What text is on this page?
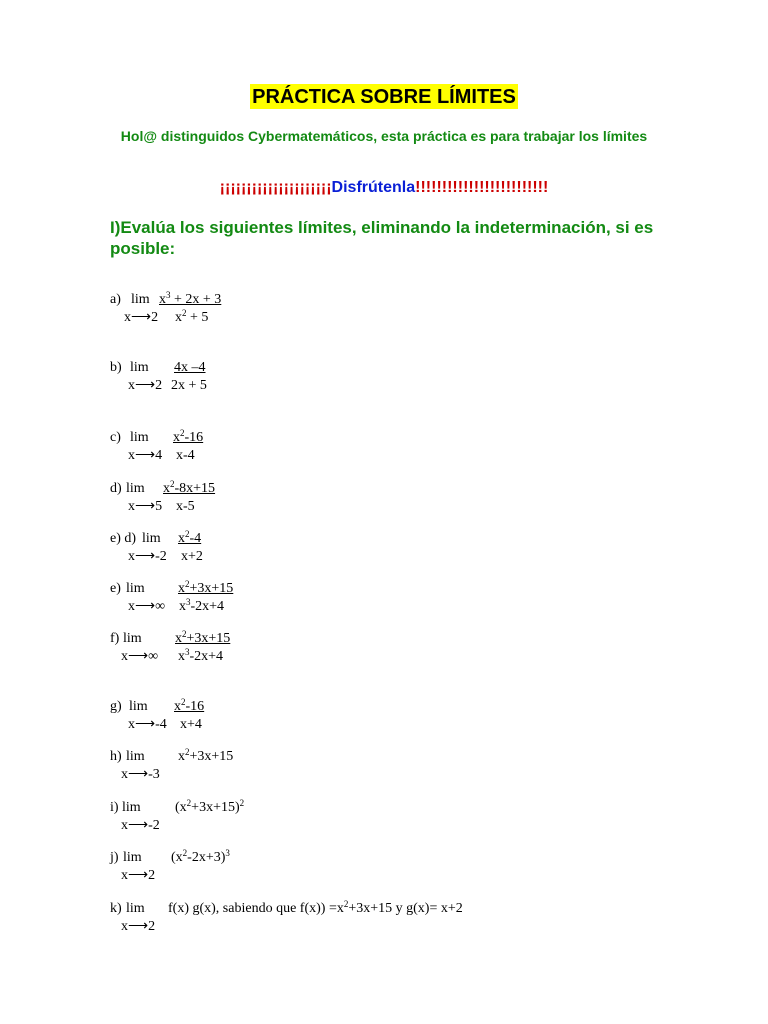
PRÁCTICA SOBRE LÍMITES
Hol@ distinguidos Cybermatemáticos, esta práctica es para trabajar los límites
¡¡¡¡¡¡¡¡¡¡¡¡¡¡¡¡¡¡¡¡¡Disfrútenla!!!!!!!!!!!!!!!!!!!!!!!!!
I)Evalúa los siguientes límites, eliminando la indeterminación, si es posible:
a) $\lim x^3 + 2x + 3$
x⟶2 $x^2 + 5$
b) lim 4x –4
x⟶2 2x + 5
c) $\lim x^2-16$
x⟶4 x-4
d) $\lim x^2-8x+15$
x⟶5 x-5
e) d) $\lim x^2-4$
x⟶-2 x+2
e) $\lim x^2+3x+15$
x⟶∞ $x^3-2x+4$
f) $\lim x^2+3x+15$
x⟶∞ $x^3-2x+4$
g) $\lim x^2-16$
x⟶-4 x+4
h) $\lim x^2+3x+15$
x⟶-3
i) $\lim (x^2+3x+15)^2$
x⟶-2
j) $\lim (x^2-2x+3)^3$
x⟶2
k) lim f(x) g(x), sabiendo que $f(x)) =x^2+3x+15$ y g(x)= x+2
x⟶2
